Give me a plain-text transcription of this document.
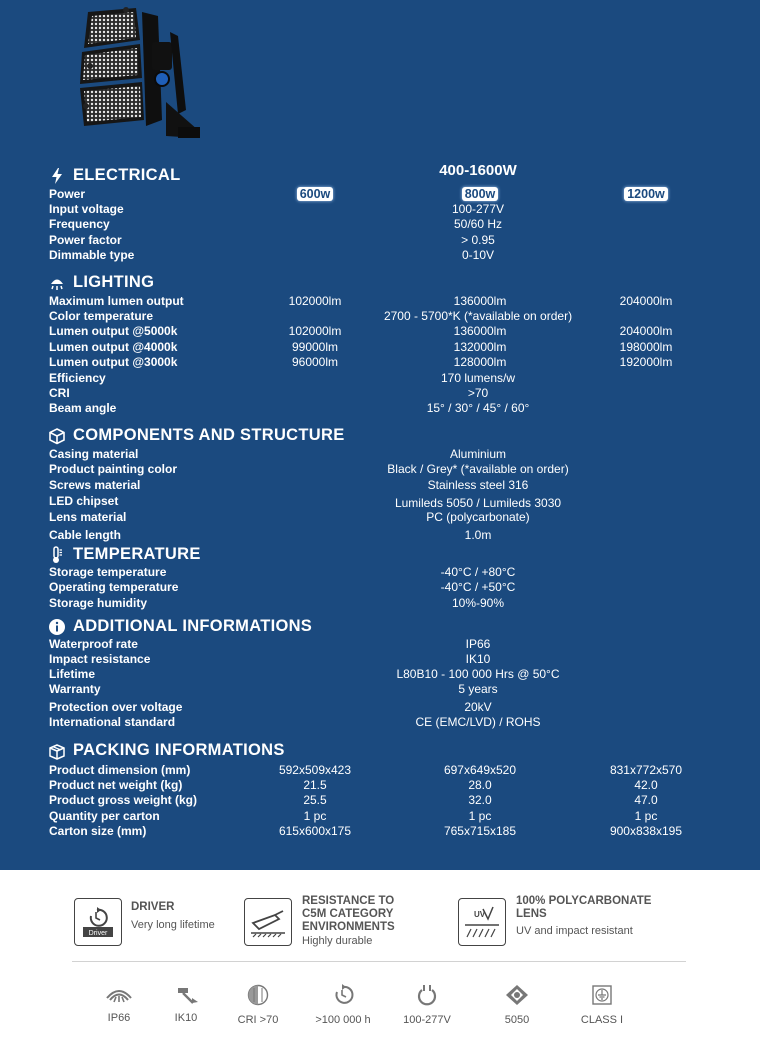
400-1600W
ELECTRICAL
Power	600w	800w	1200w
Input voltage	100-277V
Frequency	50/60 Hz
Power factor	> 0.95
Dimmable type	0-10V
LIGHTING
Maximum lumen output	102000lm	136000lm	204000lm
Color temperature	2700 - 5700*K (*available on order)
Lumen output @5000k	102000lm	136000lm	204000lm
Lumen output @4000k	99000lm	132000lm	198000lm
Lumen output @3000k	96000lm	128000lm	192000lm
Efficiency	170 lumens/w
CRI	>70
Beam angle	15° / 30° / 45° / 60°
COMPONENTS AND STRUCTURE
Casing material	Aluminium
Product painting color	Black / Grey* (*available on order)
Screws material	Stainless steel 316
LED chipset	Lumileds 5050 / Lumileds 3030
Lens material	PC (polycarbonate)
Cable length	1.0m
TEMPERATURE
Storage temperature	-40°C / +80°C
Operating temperature	-40°C / +50°C
Storage humidity	10%-90%
ADDITIONAL INFORMATIONS
Waterproof rate	IP66
Impact resistance	IK10
Lifetime	L80B10 - 100 000 Hrs @ 50°C
Warranty	5 years
Protection over voltage	20kV
International standard	CE (EMC/LVD) / ROHS
PACKING INFORMATIONS
Product dimension (mm)	592x509x423	697x649x520	831x772x570
Product net weight (kg)	21.5	28.0	42.0
Product gross weight (kg)	25.5	32.0	47.0
Quantity per carton	1 pc	1 pc	1 pc
Carton size (mm)	615x600x175	765x715x185	900x838x195
Driver
DRIVER
Very long lifetime
RESISTANCE TO
C5M CATEGORY
ENVIRONMENTS
Highly durable
UV
100% POLYCARBONATE
LENS
UV and impact resistant
IP66	IK10	CRI >70	>100 000 h	100-277V	5050	CLASS I
